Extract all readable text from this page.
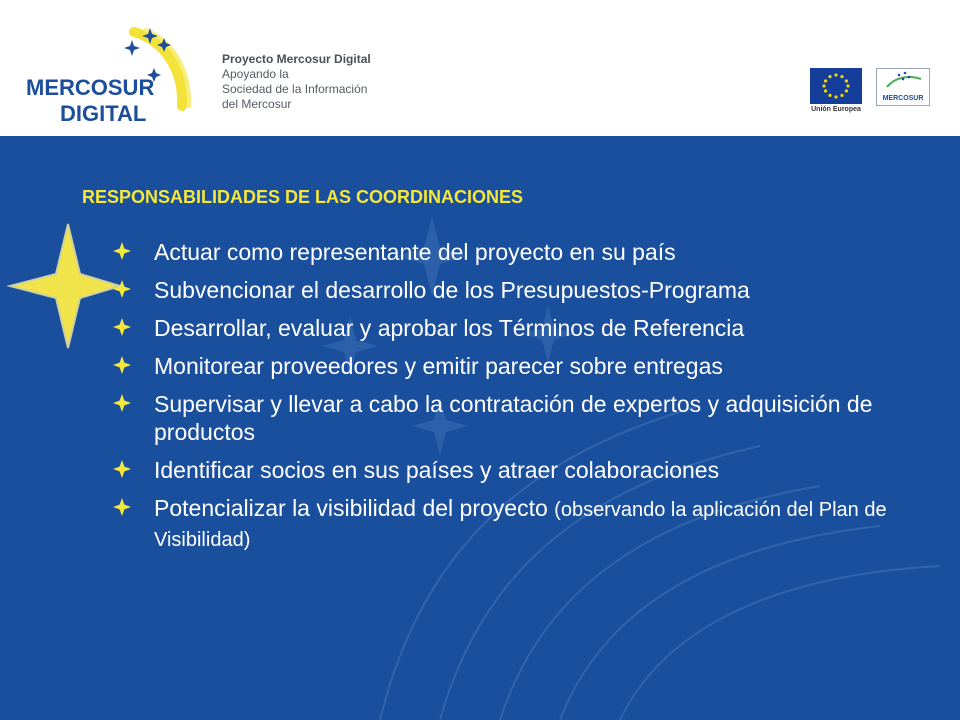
MERCOSUR
DIGITAL
Proyecto Mercosur Digital
Apoyando la
Sociedad de la Información
del Mercosur	Unión Europea
MERCOSUR
RESPONSABILIDADES DE LAS COORDINACIONES
Actuar como representante del proyecto en su país
Subvencionar el desarrollo de los Presupuestos-Programa
Desarrollar, evaluar y aprobar los Términos de Referencia
Monitorear proveedores y emitir parecer sobre entregas
Supervisar y llevar a cabo la contratación de expertos y adquisición de productos
Identificar socios en sus países y atraer colaboraciones
Potencializar la visibilidad del proyecto (observando la aplicación del Plan de Visibilidad)
